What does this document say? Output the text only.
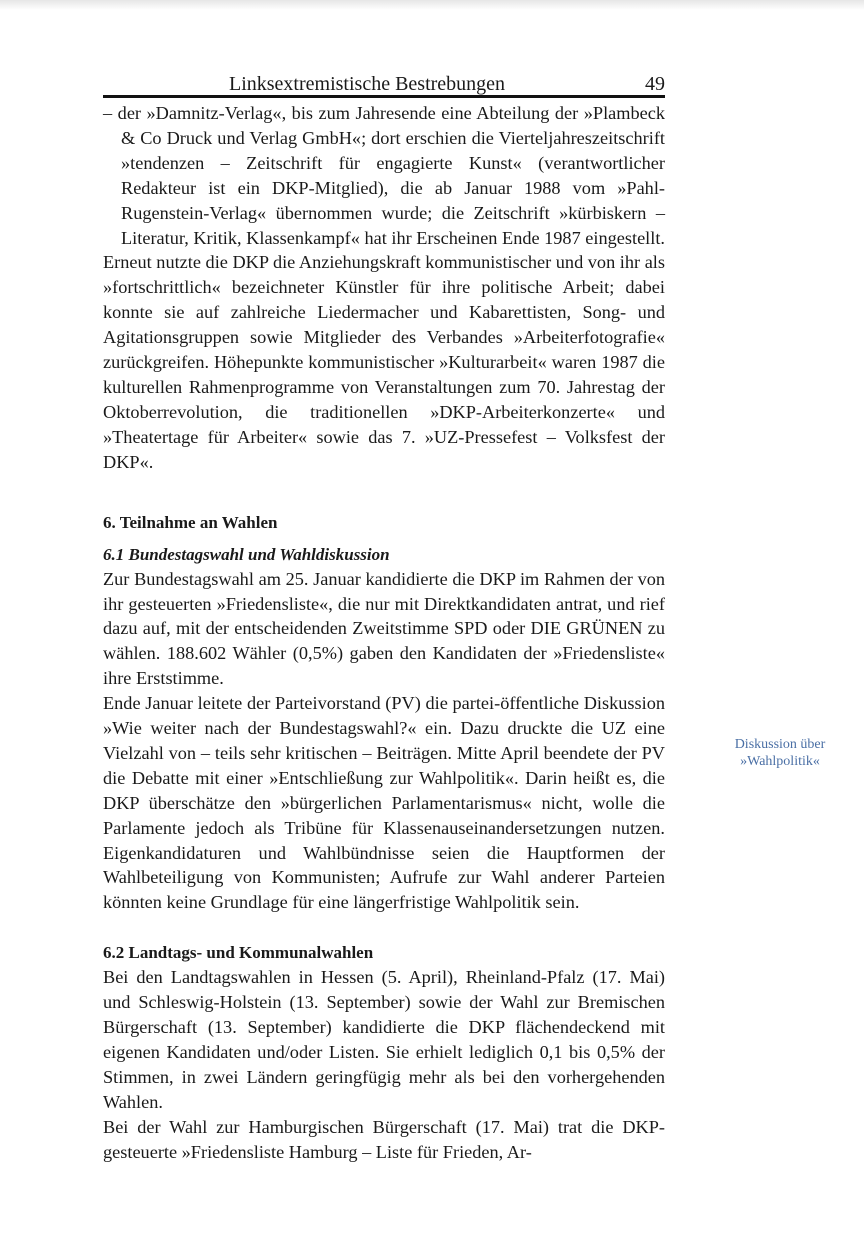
Linksextremistische Bestrebungen	49

– der »Damnitz-Verlag«, bis zum Jahresende eine Abteilung der »Plambeck & Co Druck und Verlag GmbH«; dort erschien die Vierteljahreszeitschrift »tendenzen – Zeitschrift für engagierte Kunst« (verantwortlicher Redakteur ist ein DKP-Mitglied), die ab Januar 1988 vom »Pahl-Rugenstein-Verlag« übernommen wurde; die Zeitschrift »kürbiskern – Literatur, Kritik, Klassenkampf« hat ihr Erscheinen Ende 1987 eingestellt.

Erneut nutzte die DKP die Anziehungskraft kommunistischer und von ihr als »fortschrittlich« bezeichneter Künstler für ihre politische Arbeit; dabei konnte sie auf zahlreiche Liedermacher und Kabarettisten, Song- und Agitationsgruppen sowie Mitglieder des Verbandes »Arbeiterfotografie« zurückgreifen. Höhepunkte kommunistischer »Kulturarbeit« waren 1987 die kulturellen Rahmenprogramme von Veranstaltungen zum 70. Jahrestag der Oktoberrevolution, die traditionellen »DKP-Arbeiterkonzerte« und »Theatertage für Arbeiter« sowie das 7. »UZ-Pressefest – Volksfest der DKP«.

6. Teilnahme an Wahlen
6.1 Bundestagswahl und Wahldiskussion

Zur Bundestagswahl am 25. Januar kandidierte die DKP im Rahmen der von ihr gesteuerten »Friedensliste«, die nur mit Direktkandidaten antrat, und rief dazu auf, mit der entscheidenden Zweitstimme SPD oder DIE GRÜNEN zu wählen. 188.602 Wähler (0,5%) gaben den Kandidaten der »Friedensliste« ihre Erststimme.

Ende Januar leitete der Parteivorstand (PV) die partei-öffentliche Diskussion »Wie weiter nach der Bundestagswahl?« ein. Dazu druckte die UZ eine Vielzahl von – teils sehr kritischen – Beiträgen. Mitte April beendete der PV die Debatte mit einer »Entschließung zur Wahlpolitik«. Darin heißt es, die DKP überschätze den »bürgerlichen Parlamentarismus« nicht, wolle die Parlamente jedoch als Tribüne für Klassenauseinandersetzungen nutzen. Eigenkandidaturen und Wahlbündnisse seien die Hauptformen der Wahlbeteiligung von Kommunisten; Aufrufe zur Wahl anderer Parteien könnten keine Grundlage für eine längerfristige Wahlpolitik sein.

6.2 Landtags- und Kommunalwahlen

Bei den Landtagswahlen in Hessen (5. April), Rheinland-Pfalz (17. Mai) und Schleswig-Holstein (13. September) sowie der Wahl zur Bremischen Bürgerschaft (13. September) kandidierte die DKP flächendeckend mit eigenen Kandidaten und/oder Listen. Sie erhielt lediglich 0,1 bis 0,5% der Stimmen, in zwei Ländern geringfügig mehr als bei den vorhergehenden Wahlen.

Bei der Wahl zur Hamburgischen Bürgerschaft (17. Mai) trat die DKP-gesteuerte »Friedensliste Hamburg – Liste für Frieden, Ar-

Diskussion über
»Wahlpolitik«
